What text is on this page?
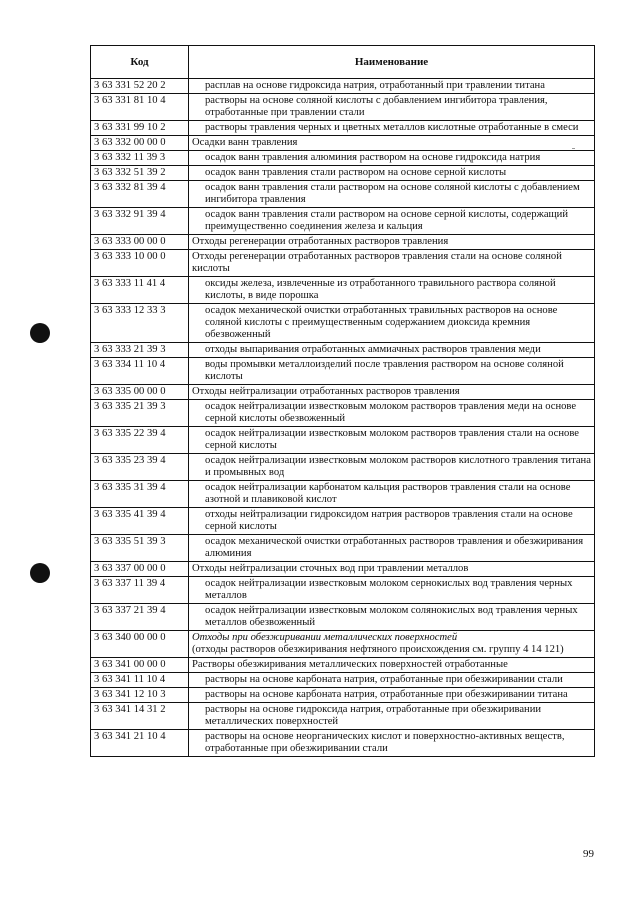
Код	Наименование
3 63 331 52 20 2	расплав на основе гидроксида натрия, отработанный при травлении титана
3 63 331 81 10 4	растворы на основе соляной кислоты с добавлением ингибитора травления, отработанные при травлении стали
3 63 331 99 10 2	растворы травления черных и цветных металлов кислотные отработанные в смеси
3 63 332 00 00 0	Осадки ванн травления
3 63 332 11 39 3	осадок ванн травления алюминия раствором на основе гидроксида натрия
3 63 332 51 39 2	осадок ванн травления стали раствором на основе серной кислоты
3 63 332 81 39 4	осадок ванн травления стали раствором на основе соляной кислоты с добавлением ингибитора травления
3 63 332 91 39 4	осадок ванн травления стали раствором на основе серной кислоты, содержащий преимущественно соединения железа и кальция
3 63 333 00 00 0	Отходы регенерации отработанных растворов травления
3 63 333 10 00 0	Отходы регенерации отработанных растворов травления стали на основе соляной кислоты
3 63 333 11 41 4	оксиды железа, извлеченные из отработанного травильного раствора соляной кислоты, в виде порошка
3 63 333 12 33 3	осадок механической очистки отработанных травильных растворов на основе соляной кислоты с преимущественным содержанием диоксида кремния обезвоженный
3 63 333 21 39 3	отходы выпаривания отработанных аммиачных растворов травления меди
3 63 334 11 10 4	воды промывки металлоизделий после травления раствором на основе соляной кислоты
3 63 335 00 00 0	Отходы нейтрализации отработанных растворов травления
3 63 335 21 39 3	осадок нейтрализации известковым молоком растворов травления меди на основе серной кислоты обезвоженный
3 63 335 22 39 4	осадок нейтрализации известковым молоком растворов травления стали на основе серной кислоты
3 63 335 23 39 4	осадок нейтрализации известковым молоком растворов кислотного травления титана и промывных вод
3 63 335 31 39 4	осадок нейтрализации карбонатом кальция растворов травления стали на основе азотной и плавиковой кислот
3 63 335 41 39 4	отходы нейтрализации гидроксидом натрия растворов травления стали на основе серной кислоты
3 63 335 51 39 3	осадок механической очистки отработанных растворов травления и обезжиривания алюминия
3 63 337 00 00 0	Отходы нейтрализации сточных вод при травлении металлов
3 63 337 11 39 4	осадок нейтрализации известковым молоком сернокислых вод травления черных металлов
3 63 337 21 39 4	осадок нейтрализации известковым молоком солянокислых вод травления черных металлов обезвоженный
3 63 340 00 00 0	Отходы при обезжиривании металлических поверхностей
(отходы растворов обезжиривания нефтяного происхождения см. группу 4 14 121)

3 63 341 00 00 0	Растворы обезжиривания металлических поверхностей отработанные
3 63 341 11 10 4	растворы на основе карбоната натрия, отработанные при обезжиривании стали
3 63 341 12 10 3	растворы на основе карбоната натрия, отработанные при обезжиривании титана
3 63 341 14 31 2	растворы на основе гидроксида натрия, отработанные при обезжиривании металлических поверхностей
3 63 341 21 10 4	растворы на основе неорганических кислот и поверхностно-активных веществ, отработанные при обезжиривании стали
99
